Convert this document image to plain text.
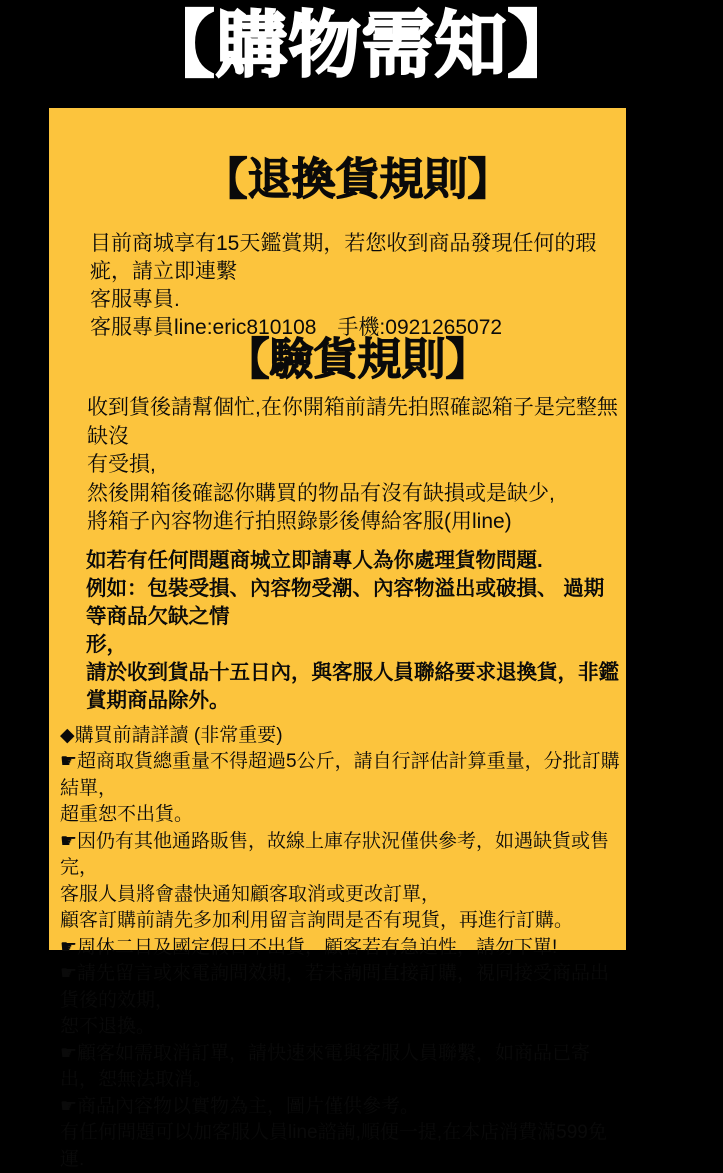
【購物需知】
【退換貨規則】
目前商城享有15天鑑賞期，若您收到商品發現任何的瑕疵，請立即連繫
客服專員.
客服專員line:eric810108　手機:0921265072
【驗貨規則】
收到貨後請幫個忙,在你開箱前請先拍照確認箱子是完整無缺沒
有受損,
然後開箱後確認你購買的物品有沒有缺損或是缺少,
將箱子內容物進行拍照錄影後傳給客服(用line)
如若有任何問題商城立即請專人為你處理貨物問題.
例如：包裝受損、內容物受潮、內容物溢出或破損、 過期等商品欠缺之情
形，
請於收到貨品十五日內，與客服人員聯絡要求退換貨，非鑑賞期商品除外。
◆購買前請詳讀 (非常重要)
☛超商取貨總重量不得超過5公斤，請自行評估計算重量，分批訂購結單，
超重恕不出貨。
☛因仍有其他通路販售，故線上庫存狀況僅供參考，如遇缺貨或售完，
客服人員將會盡快通知顧客取消或更改訂單，
顧客訂購前請先多加利用留言詢問是否有現貨，再進行訂購。
☛周休二日及國定假日不出貨，顧客若有急迫性，請勿下單!
☛請先留言或來電詢問效期，若未詢問直接訂購，視同接受商品出貨後的效期，
恕不退換。
☛顧客如需取消訂單，請快速來電與客服人員聯繫，如商品已寄出，恕無法取消。
☛商品內容物以實物為主，圖片僅供參考。
有任何問題可以加客服人員line諮詢,順便一提,在本店消費滿599免運.
